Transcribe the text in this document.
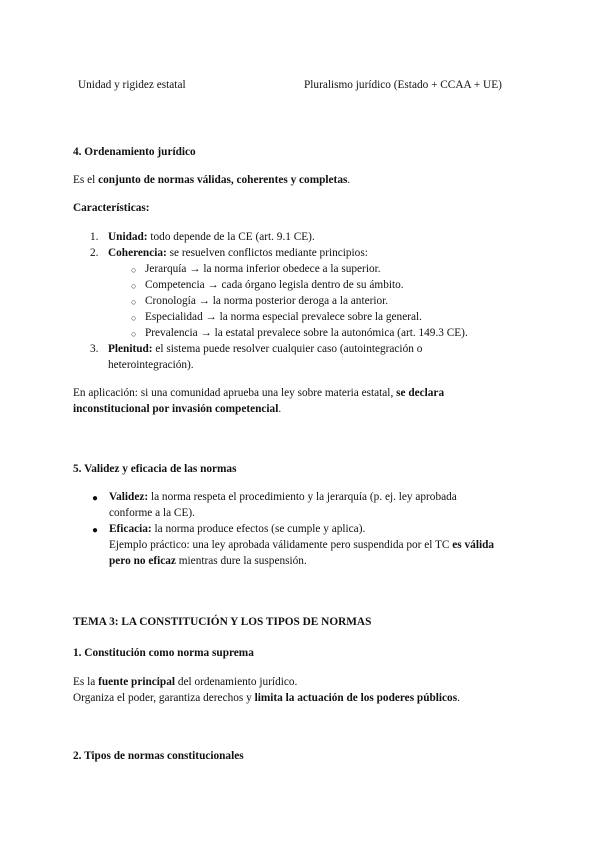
Unidad y rigidez estatal	Pluralismo jurídico (Estado + CCAA + UE)
4. Ordenamiento jurídico
Es el conjunto de normas válidas, coherentes y completas.
Características:
1. Unidad: todo depende de la CE (art. 9.1 CE).
2. Coherencia: se resuelven conflictos mediante principios:
○ Jerarquía → la norma inferior obedece a la superior.
○ Competencia → cada órgano legisla dentro de su ámbito.
○ Cronología → la norma posterior deroga a la anterior.
○ Especialidad → la norma especial prevalece sobre la general.
○ Prevalencia → la estatal prevalece sobre la autonómica (art. 149.3 CE).
3. Plenitud: el sistema puede resolver cualquier caso (autointegración o
heterointegración).
En aplicación: si una comunidad aprueba una ley sobre materia estatal, se declara
inconstitucional por invasión competencial.
5. Validez y eficacia de las normas
● Validez: la norma respeta el procedimiento y la jerarquía (p. ej. ley aprobada
conforme a la CE).
● Eficacia: la norma produce efectos (se cumple y aplica).
Ejemplo práctico: una ley aprobada válidamente pero suspendida por el TC es válida
pero no eficaz mientras dure la suspensión.
TEMA 3: LA CONSTITUCIÓN Y LOS TIPOS DE NORMAS
1. Constitución como norma suprema
Es la fuente principal del ordenamiento jurídico.
Organiza el poder, garantiza derechos y limita la actuación de los poderes públicos.
2. Tipos de normas constitucionales
